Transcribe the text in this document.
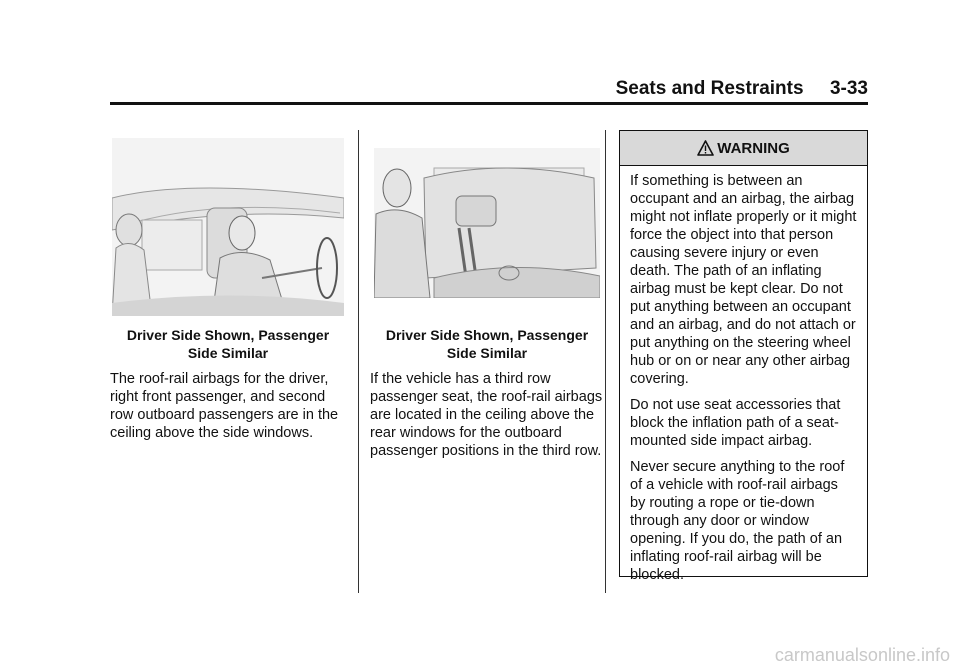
Seats and Restraints 3-33
Driver Side Shown, Passenger
Side Similar

The roof-rail airbags for the driver, right front passenger, and second row outboard passengers are in the ceiling above the side windows.

Driver Side Shown, Passenger
Side Similar

If the vehicle has a third row passenger seat, the roof-rail airbags are located in the ceiling above the rear windows for the outboard passenger positions in the third row.

WARNING

If something is between an occupant and an airbag, the airbag might not inflate properly or it might force the object into that person causing severe injury or even death. The path of an inflating airbag must be kept clear. Do not put anything between an occupant and an airbag, and do not attach or put anything on the steering wheel hub or on or near any other airbag covering.

Do not use seat accessories that block the inflation path of a seat-mounted side impact airbag.

Never secure anything to the roof of a vehicle with roof-rail airbags by routing a rope or tie-down through any door or window opening. If you do, the path of an inflating roof-rail airbag will be blocked.

carmanualsonline.info
